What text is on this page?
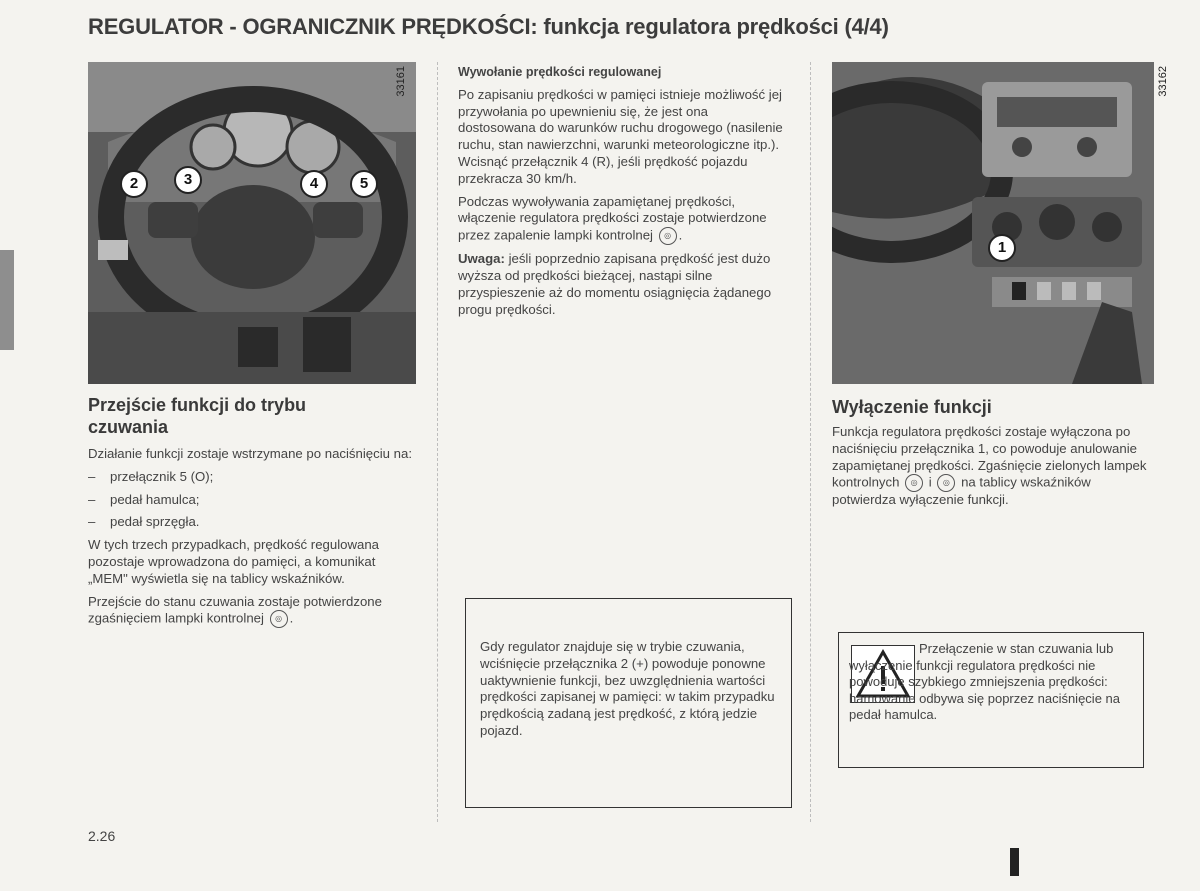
REGULATOR - OGRANICZNIK PRĘDKOŚCI: funkcja regulatora prędkości (4/4)
2	3	4	5
33161
Przejście funkcji do trybu czuwania

Działanie funkcji zostaje wstrzymane po naciśnięciu na:

– przełącznik 5 (O);
– pedał hamulca;
– pedał sprzęgła.

W tych trzech przypadkach, prędkość regulowana pozostaje wprowadzona do pamięci, a komunikat „MEM" wyświetla się na tablicy wskaźników.

Przejście do stanu czuwania zostaje potwierdzone zgaśnięciem lampki kontrolnej ◎ .

Wywołanie prędkości regulowanej

Po zapisaniu prędkości w pamięci istnieje możliwość jej przywołania po upewnieniu się, że jest ona dostosowana do warunków ruchu drogowego (nasilenie ruchu, stan nawierzchni, warunki meteorologiczne itp.). Wcisnąć przełącznik 4 (R), jeśli prędkość pojazdu przekracza 30 km/h.

Podczas wywoływania zapamiętanej prędkości, włączenie regulatora prędkości zostaje potwierdzone przez zapalenie lampki kontrolnej ◎ .

Uwaga: jeśli poprzednio zapisana prędkość jest dużo wyższa od prędkości bieżącej, nastąpi silne przyspieszenie aż do momentu osiągnięcia żądanego progu prędkości.

Gdy regulator znajduje się w trybie czuwania, wciśnięcie przełącznika 2 (+) powoduje ponowne uaktywnienie funkcji, bez uwzględnienia wartości prędkości zapisanej w pamięci: w takim przypadku prędkością zadaną jest prędkość, z którą jedzie pojazd.
1
33162
Wyłączenie funkcji

Funkcja regulatora prędkości zostaje wyłączona po naciśnięciu przełącznika 1, co powoduje anulowanie zapamiętanej prędkości. Zgaśnięcie zielonych lampek kontrolnych ◎ i ◎ na tablicy wskaźników potwierdza wyłączenie funkcji.

Przełączenie w stan czuwania lub wyłączenie funkcji regulatora prędkości nie powoduje szybkiego zmniejszenia prędkości: hamowanie odbywa się poprzez naciśnięcie na pedał hamulca.
2.26
